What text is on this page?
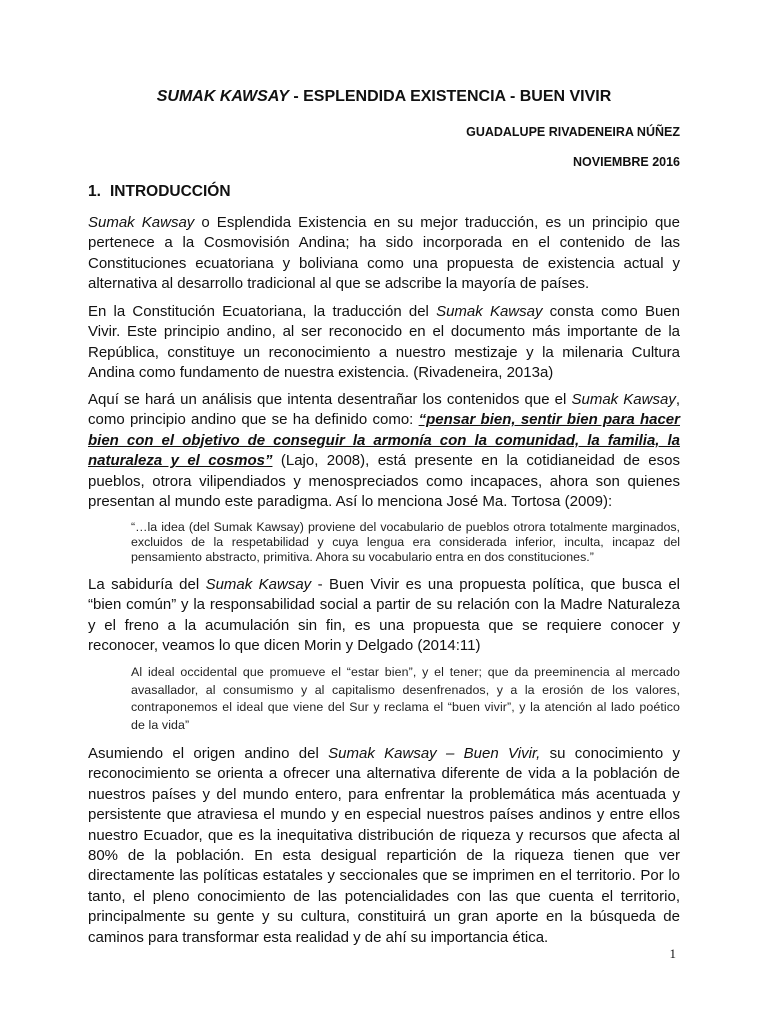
SUMAK KAWSAY - ESPLENDIDA EXISTENCIA - BUEN VIVIR
GUADALUPE RIVADENEIRA NÚÑEZ
NOVIEMBRE 2016
1. INTRODUCCIÓN

Sumak Kawsay o Esplendida Existencia en su mejor traducción, es un principio que pertenece a la Cosmovisión Andina; ha sido incorporada en el contenido de las Constituciones ecuatoriana y boliviana como una propuesta de existencia actual y alternativa al desarrollo tradicional al que se adscribe la mayoría de países.

En la Constitución Ecuatoriana, la traducción del Sumak Kawsay consta como Buen Vivir. Este principio andino, al ser reconocido en el documento más importante de la República, constituye un reconocimiento a nuestro mestizaje y la milenaria Cultura Andina como fundamento de nuestra existencia. (Rivadeneira, 2013a)

Aquí se hará un análisis que intenta desentrañar los contenidos que el Sumak Kawsay, como principio andino que se ha definido como: “pensar bien, sentir bien para hacer bien con el objetivo de conseguir la armonía con la comunidad, la familia, la naturaleza y el cosmos” (Lajo, 2008), está presente en la cotidianeidad de esos pueblos, otrora vilipendiados y menospreciados como incapaces, ahora son quienes presentan al mundo este paradigma. Así lo menciona José Ma. Tortosa (2009):

“…la idea (del Sumak Kawsay) proviene del vocabulario de pueblos otrora totalmente marginados, excluidos de la respetabilidad y cuya lengua era considerada inferior, inculta, incapaz del pensamiento abstracto, primitiva. Ahora su vocabulario entra en dos constituciones.”

La sabiduría del Sumak Kawsay - Buen Vivir es una propuesta política, que busca el “bien común” y la responsabilidad social a partir de su relación con la Madre Naturaleza y el freno a la acumulación sin fin, es una propuesta que se requiere conocer y reconocer, veamos lo que dicen Morin y Delgado (2014:11)

Al ideal occidental que promueve el “estar bien”, y el tener; que da preeminencia al mercado avasallador, al consumismo y al capitalismo desenfrenados, y a la erosión de los valores, contraponemos el ideal que viene del Sur y reclama el “buen vivir”, y la atención al lado poético de la vida”

Asumiendo el origen andino del Sumak Kawsay – Buen Vivir, su conocimiento y reconocimiento se orienta a ofrecer una alternativa diferente de vida a la población de nuestros países y del mundo entero, para enfrentar la problemática más acentuada y persistente que atraviesa el mundo y en especial nuestros países andinos y entre ellos nuestro Ecuador, que es la inequitativa distribución de riqueza y recursos que afecta al 80% de la población. En esta desigual repartición de la riqueza tienen que ver directamente las políticas estatales y seccionales que se imprimen en el territorio. Por lo tanto, el pleno conocimiento de las potencialidades con las que cuenta el territorio, principalmente su gente y su cultura, constituirá un gran aporte en la búsqueda de caminos para transformar esta realidad y de ahí su importancia ética.

1
